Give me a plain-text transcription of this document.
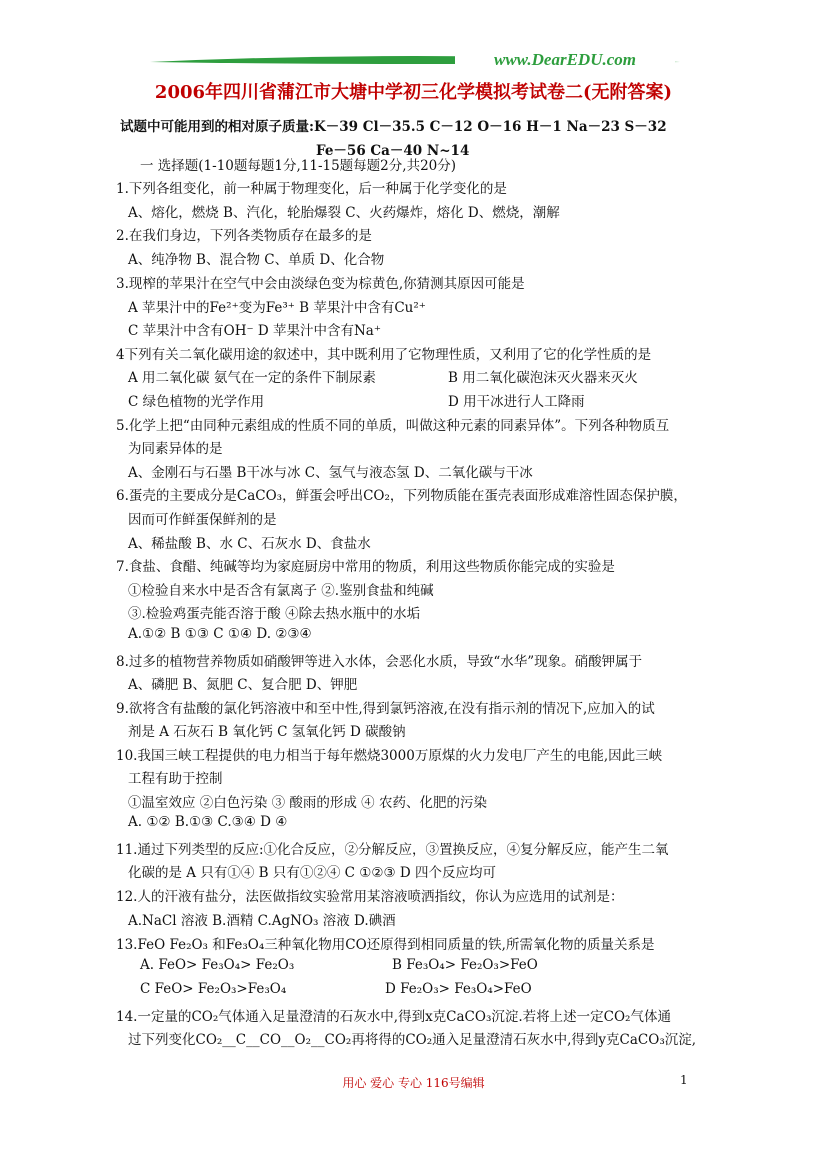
www.DearEDU.com
2006年四川省蒲江市大塘中学初三化学模拟考试卷二(无附答案)
试题中可能用到的相对原子质量:K－39 Cl－35.5 C－12 O－16 H－1 Na－23 S－32
Fe－56 Ca－40 N~14
一 选择题(1-10题每题1分,11-15题每题2分,共20分)
1.下列各组变化，前一种属于物理变化，后一种属于化学变化的是
A、熔化，燃烧 B、汽化，轮胎爆裂 C、火药爆炸，熔化 D、燃烧，潮解
2.在我们身边，下列各类物质存在最多的是
A、纯净物 B、混合物 C、单质 D、化合物
3.现榨的苹果汁在空气中会由淡绿色变为棕黄色,你猜测其原因可能是
A 苹果汁中的Fe²⁺变为Fe³⁺ B 苹果汁中含有Cu²⁺
C 苹果汁中含有OH⁻ D 苹果汁中含有Na⁺
4下列有关二氧化碳用途的叙述中，其中既利用了它物理性质，又利用了它的化学性质的是
A 用二氧化碳 氨气在一定的条件下制尿素	B 用二氧化碳泡沫灭火器来灭火
C 绿色植物的光学作用	D 用干冰进行人工降雨
5.化学上把“由同种元素组成的性质不同的单质，叫做这种元素的同素异体”。下列各种物质互
为同素异体的是
A、金刚石与石墨 B干冰与冰 C、氢气与液态氢 D、二氧化碳与干冰
6.蛋壳的主要成分是CaCO₃，鲜蛋会呼出CO₂，下列物质能在蛋壳表面形成难溶性固态保护膜，
因而可作鲜蛋保鲜剂的是
A、稀盐酸 B、水 C、石灰水 D、食盐水
7.食盐、食醋、纯碱等均为家庭厨房中常用的物质，利用这些物质你能完成的实验是
①检验自来水中是否含有氯离子 ②.鉴别食盐和纯碱
③.检验鸡蛋壳能否溶于酸 ④除去热水瓶中的水垢
A.①② B ①③ C ①④ D. ②③④
8.过多的植物营养物质如硝酸钾等进入水体，会恶化水质，导致“水华”现象。硝酸钾属于
A、磷肥 B、氮肥 C、复合肥 D、钾肥
9.欲将含有盐酸的氯化钙溶液中和至中性,得到氯钙溶液,在没有指示剂的情况下,应加入的试
剂是 A 石灰石 B 氧化钙 C 氢氧化钙 D 碳酸钠
10.我国三峡工程提供的电力相当于每年燃烧3000万原煤的火力发电厂产生的电能,因此三峡
工程有助于控制
①温室效应 ②白色污染 ③ 酸雨的形成 ④ 农药、化肥的污染
A. ①② B.①③ C.③④ D ④
11.通过下列类型的反应:①化合反应，②分解反应，③置换反应，④复分解反应，能产生二氧
化碳的是 A 只有①④ B 只有①②④ C ①②③ D 四个反应均可
12.人的汗液有盐分，法医做指纹实验常用某溶液喷洒指纹，你认为应选用的试剂是：
A.NaCl 溶液 B.酒精 C.AgNO₃ 溶液 D.碘酒
13.FeO Fe₂O₃ 和Fe₃O₄三种氧化物用CO还原得到相同质量的铁,所需氧化物的质量关系是
A. FeO> Fe₃O₄> Fe₂O₃	B Fe₃O₄> Fe₂O₃>FeO
C FeO> Fe₂O₃>Fe₃O₄	D Fe₂O₃> Fe₃O₄>FeO
14.一定量的CO₂气体通入足量澄清的石灰水中,得到x克CaCO₃沉淀.若将上述一定CO₂气体通
过下列变化CO₂__C__CO__O₂__CO₂再将得的CO₂通入足量澄清石灰水中,得到y克CaCO₃沉淀,
用心 爱心 专心 116号编辑	1
